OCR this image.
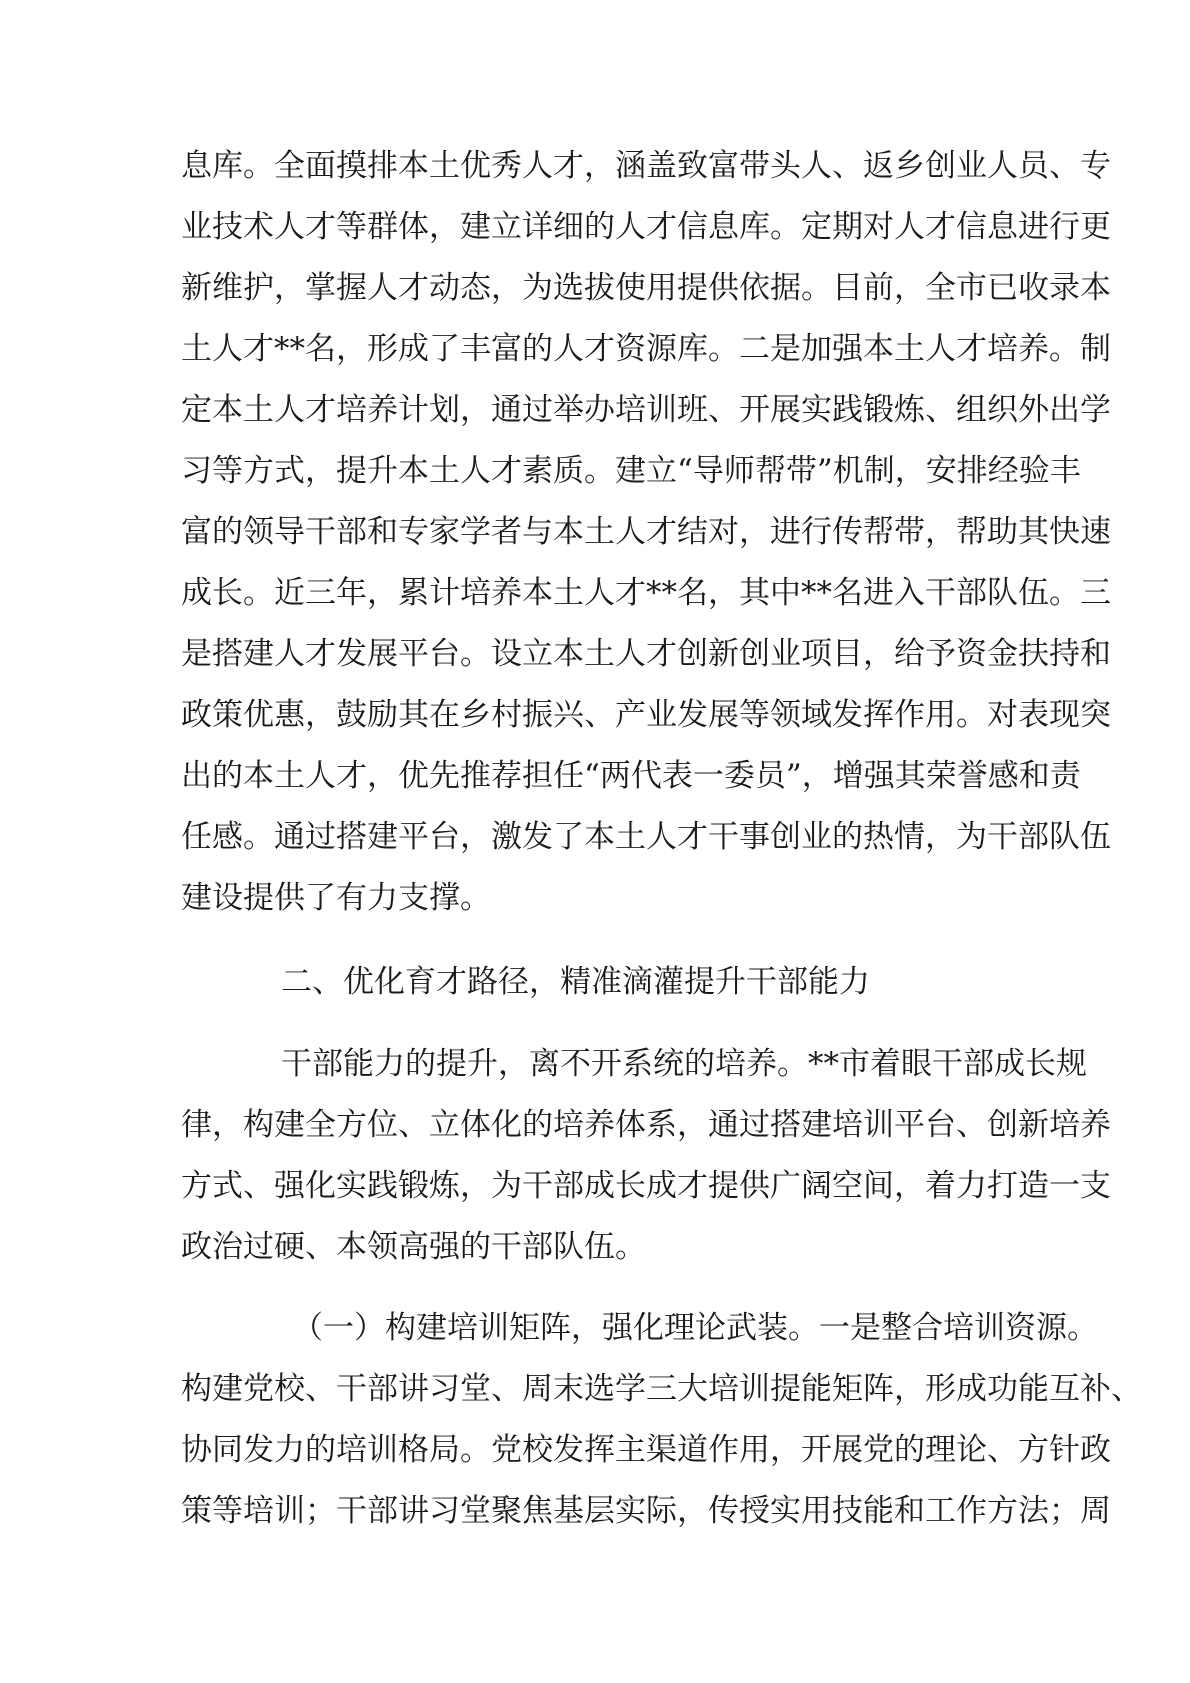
息库。全面摸排本土优秀人才，涵盖致富带头人、返乡创业人员、专
业技术人才等群体，建立详细的人才信息库。定期对人才信息进行更
新维护，掌握人才动态，为选拔使用提供依据。目前，全市已收录本
土人才**名，形成了丰富的人才资源库。二是加强本土人才培养。制
定本土人才培养计划，通过举办培训班、开展实践锻炼、组织外出学
习等方式，提升本土人才素质。建立“导师帮带”机制，安排经验丰
富的领导干部和专家学者与本土人才结对，进行传帮带，帮助其快速
成长。近三年，累计培养本土人才**名，其中**名进入干部队伍。三
是搭建人才发展平台。设立本土人才创新创业项目，给予资金扶持和
政策优惠，鼓励其在乡村振兴、产业发展等领域发挥作用。对表现突
出的本土人才，优先推荐担任“两代表一委员”，增强其荣誉感和责
任感。通过搭建平台，激发了本土人才干事创业的热情，为干部队伍
建设提供了有力支撑。
二、优化育才路径，精准滴灌提升干部能力
干部能力的提升，离不开系统的培养。**市着眼干部成长规
律，构建全方位、立体化的培养体系，通过搭建培训平台、创新培养
方式、强化实践锻炼，为干部成长成才提供广阔空间，着力打造一支
政治过硬、本领高强的干部队伍。
（一）构建培训矩阵，强化理论武装。一是整合培训资源。
构建党校、干部讲习堂、周末选学三大培训提能矩阵，形成功能互补、
协同发力的培训格局。党校发挥主渠道作用，开展党的理论、方针政
策等培训；干部讲习堂聚焦基层实际，传授实用技能和工作方法；周
